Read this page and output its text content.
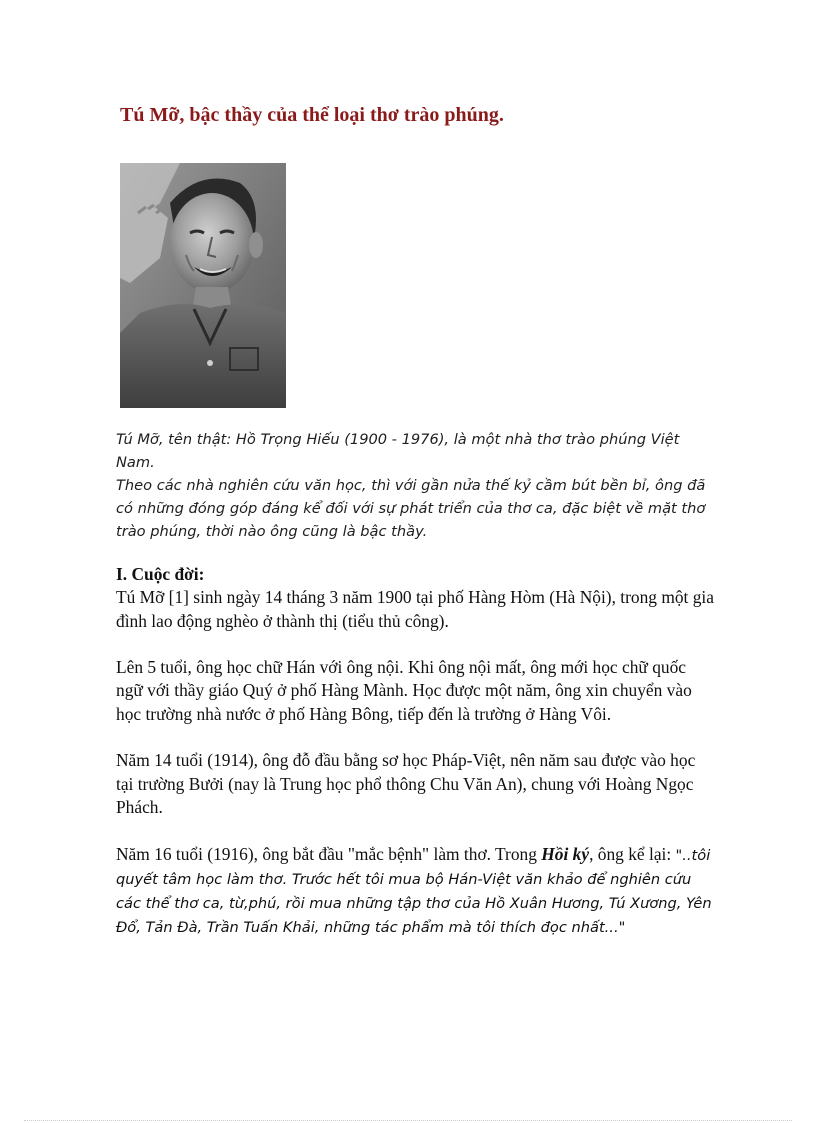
Tú Mỡ, bậc thầy của thể loại thơ trào phúng.

Tú Mỡ, tên thật: Hồ Trọng Hiếu (1900 - 1976), là một nhà thơ trào phúng Việt Nam.

Theo các nhà nghiên cứu văn học, thì với gần nửa thế kỷ cầm bút bền bỉ, ông đã có những đóng góp đáng kể đối với sự phát triển của thơ ca, đặc biệt về mặt thơ trào phúng, thời nào ông cũng là bậc thầy.

I. Cuộc đời:

Tú Mỡ [1] sinh ngày 14 tháng 3 năm 1900 tại phố Hàng Hòm (Hà Nội), trong một gia đình lao động nghèo ở thành thị (tiểu thủ công).

Lên 5 tuổi, ông học chữ Hán với ông nội. Khi ông nội mất, ông mới học chữ quốc ngữ với thầy giáo Quý ở phố Hàng Mành. Học được một năm, ông xin chuyển vào học trường nhà nước ở phố Hàng Bông, tiếp đến là trường ở Hàng Vôi.

Năm 14 tuổi (1914), ông đỗ đầu bằng sơ học Pháp-Việt, nên năm sau được vào học tại trường Bưởi (nay là Trung học phổ thông Chu Văn An), chung với Hoàng Ngọc Phách.

Năm 16 tuổi (1916), ông bắt đầu "mắc bệnh" làm thơ. Trong Hồi ký, ông kể lại: "..tôi quyết tâm học làm thơ. Trước hết tôi mua bộ Hán-Việt văn khảo để nghiên cứu các thể thơ ca, từ,phú, rồi mua những tập thơ của Hồ Xuân Hương, Tú Xương, Yên Đổ, Tản Đà, Trần Tuấn Khải, những tác phẩm mà tôi thích đọc nhất..."
